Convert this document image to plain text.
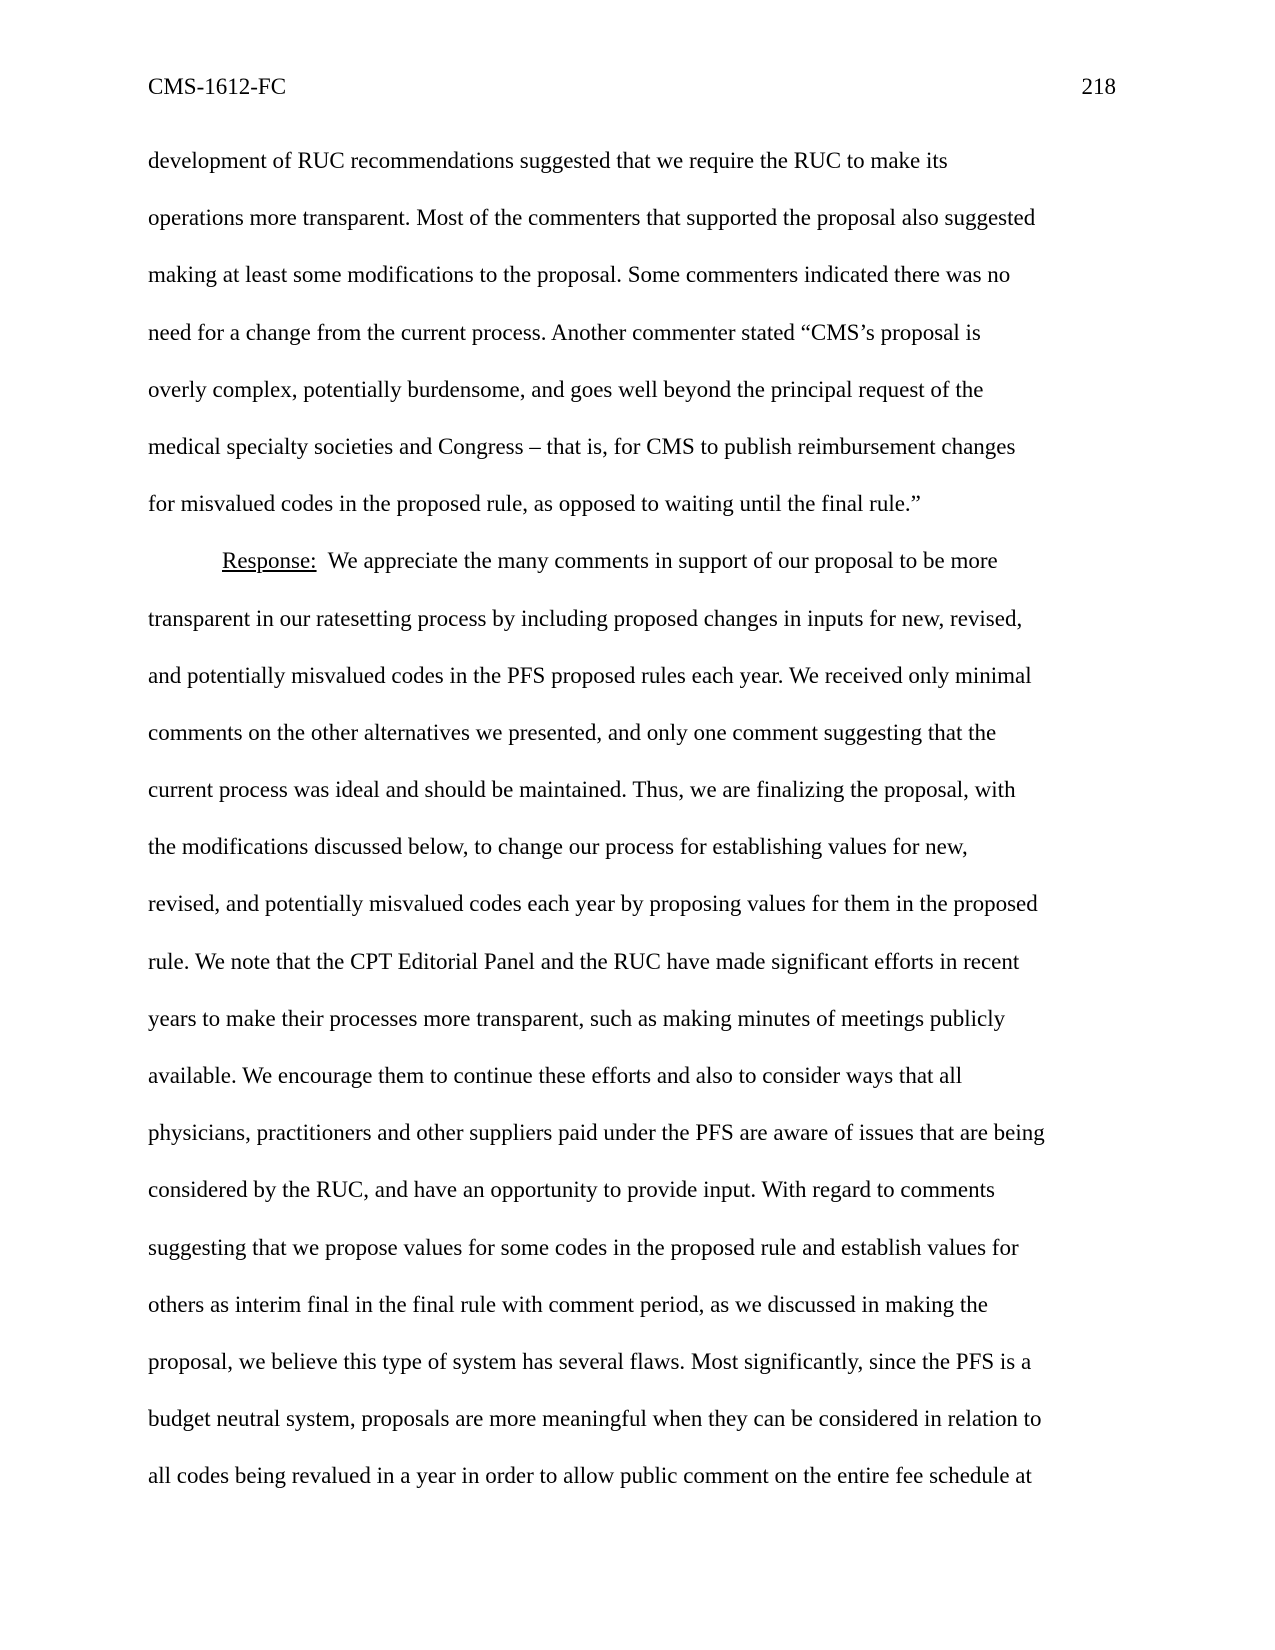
CMS-1612-FC	218
development of RUC recommendations suggested that we require the RUC to make its
operations more transparent. Most of the commenters that supported the proposal also suggested
making at least some modifications to the proposal. Some commenters indicated there was no
need for a change from the current process. Another commenter stated “CMS’s proposal is
overly complex, potentially burdensome, and goes well beyond the principal request of the
medical specialty societies and Congress – that is, for CMS to publish reimbursement changes
for misvalued codes in the proposed rule, as opposed to waiting until the final rule.”
Response:  We appreciate the many comments in support of our proposal to be more
transparent in our ratesetting process by including proposed changes in inputs for new, revised,
and potentially misvalued codes in the PFS proposed rules each year. We received only minimal
comments on the other alternatives we presented, and only one comment suggesting that the
current process was ideal and should be maintained. Thus, we are finalizing the proposal, with
the modifications discussed below, to change our process for establishing values for new,
revised, and potentially misvalued codes each year by proposing values for them in the proposed
rule. We note that the CPT Editorial Panel and the RUC have made significant efforts in recent
years to make their processes more transparent, such as making minutes of meetings publicly
available. We encourage them to continue these efforts and also to consider ways that all
physicians, practitioners and other suppliers paid under the PFS are aware of issues that are being
considered by the RUC, and have an opportunity to provide input. With regard to comments
suggesting that we propose values for some codes in the proposed rule and establish values for
others as interim final in the final rule with comment period, as we discussed in making the
proposal, we believe this type of system has several flaws. Most significantly, since the PFS is a
budget neutral system, proposals are more meaningful when they can be considered in relation to
all codes being revalued in a year in order to allow public comment on the entire fee schedule at
